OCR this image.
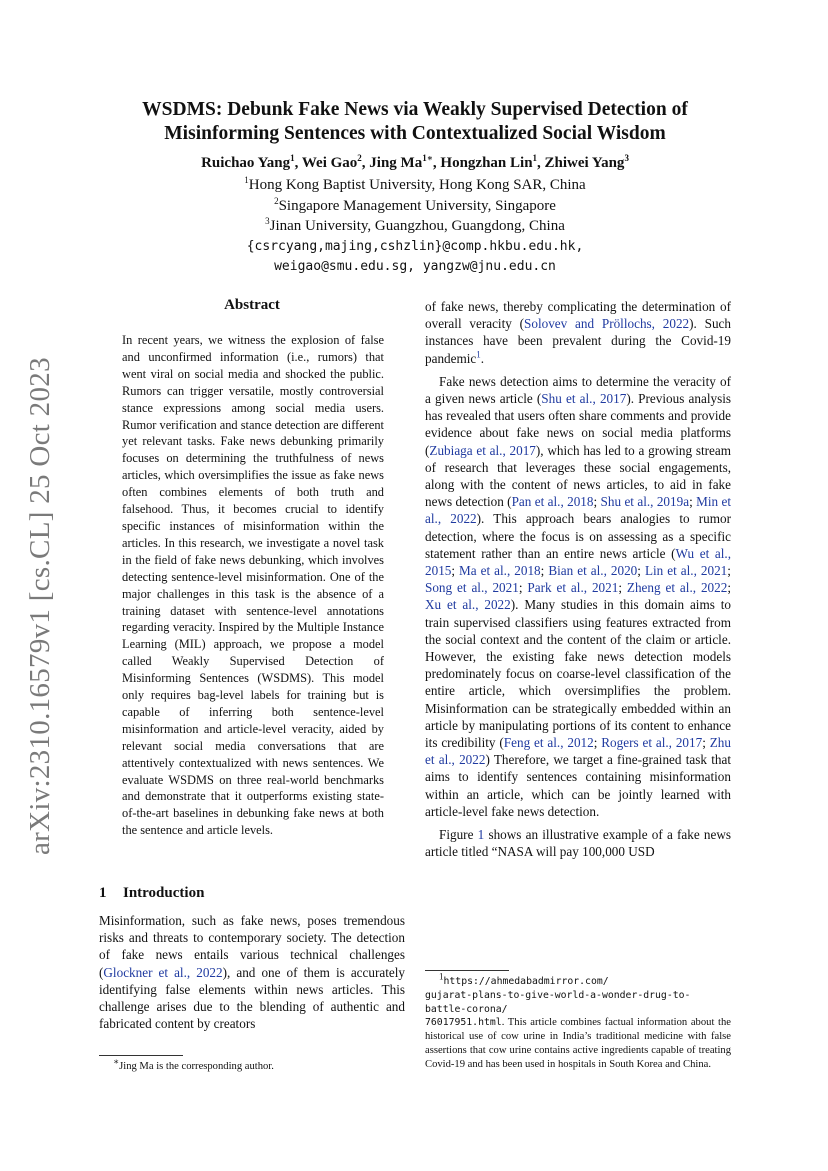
arXiv:2310.16579v1 [cs.CL] 25 Oct 2023
WSDMS: Debunk Fake News via Weakly Supervised Detection of
Misinforming Sentences with Contextualized Social Wisdom
Ruichao Yang$^1$, Wei Gao$^2$, Jing $Ma^{1∗}$, Hongzhan Lin$^1$, Zhiwei Yang$^3$
$^1$Hong Kong Baptist University, Hong Kong SAR, China
$^2$Singapore Management University, Singapore
$^3$Jinan University, Guangzhou, Guangdong, China
{csrcyang,majing,cshzlin}@comp.hkbu.edu.hk,
weigao@smu.edu.sg, yangzw@jnu.edu.cn
Abstract
In recent years, we witness the explosion of false and unconfirmed information (i.e., rumors) that went viral on social media and shocked the public. Rumors can trigger versatile, mostly controversial stance expressions among social media users. Rumor verification and stance detection are different yet relevant tasks. Fake news debunking primarily focuses on determining the truthfulness of news articles, which oversimplifies the issue as fake news often combines elements of both truth and falsehood. Thus, it becomes crucial to identify specific instances of misinformation within the articles. In this research, we investigate a novel task in the field of fake news debunking, which involves detecting sentence-level misinformation. One of the major challenges in this task is the absence of a training dataset with sentence-level annotations regarding veracity. Inspired by the Multiple Instance Learning (MIL) approach, we propose a model called Weakly Supervised Detection of Misinforming Sentences (WSDMS). This model only requires bag-level labels for training but is capable of inferring both sentence-level misinformation and article-level veracity, aided by relevant social media conversations that are attentively contextualized with news sentences. We evaluate WSDMS on three real-world benchmarks and demonstrate that it outperforms existing state-of-the-art baselines in debunking fake news at both the sentence and article levels.
1 Introduction

Misinformation, such as fake news, poses tremendous risks and threats to contemporary society. The detection of fake news entails various technical challenges (Glockner et al., 2022), and one of them is accurately identifying false elements within news articles. This challenge arises due to the blending of authentic and fabricated content by creators

∗Jing Ma is the corresponding author.

of fake news, thereby complicating the determination of overall veracity (Solovev and Pröllochs, 2022). Such instances have been prevalent during the Covid-19 pandemic$^1$.

Fake news detection aims to determine the veracity of a given news article (Shu et al., 2017). Previous analysis has revealed that users often share comments and provide evidence about fake news on social media platforms (Zubiaga et al., 2017), which has led to a growing stream of research that leverages these social engagements, along with the content of news articles, to aid in fake news detection (Pan et al., 2018; Shu et al., 2019a; Min et al., 2022). This approach bears analogies to rumor detection, where the focus is on assessing as a specific statement rather than an entire news article (Wu et al., 2015; Ma et al., 2018; Bian et al., 2020; Lin et al., 2021; Song et al., 2021; Park et al., 2021; Zheng et al., 2022; Xu et al., 2022). Many studies in this domain aims to train supervised classifiers using features extracted from the social context and the content of the claim or article. However, the existing fake news detection models predominately focus on coarse-level classification of the entire article, which oversimplifies the problem. Misinformation can be strategically embedded within an article by manipulating portions of its content to enhance its credibility (Feng et al., 2012; Rogers et al., 2017; Zhu et al., 2022) Therefore, we target a fine-grained task that aims to identify sentences containing misinformation within an article, which can be jointly learned with article-level fake news detection.

Figure 1 shows an illustrative example of a fake news article titled “NASA will pay 100,000 USD

$^1$https://ahmedabadmirror.com/
gujarat-plans-to-give-world-a-wonder-drug-to-battle-corona/
76017951.html. This article combines factual information about the historical use of cow urine in India’s traditional medicine with false assertions that cow urine contains active ingredients capable of treating Covid-19 and has been used in hospitals in South Korea and China.
